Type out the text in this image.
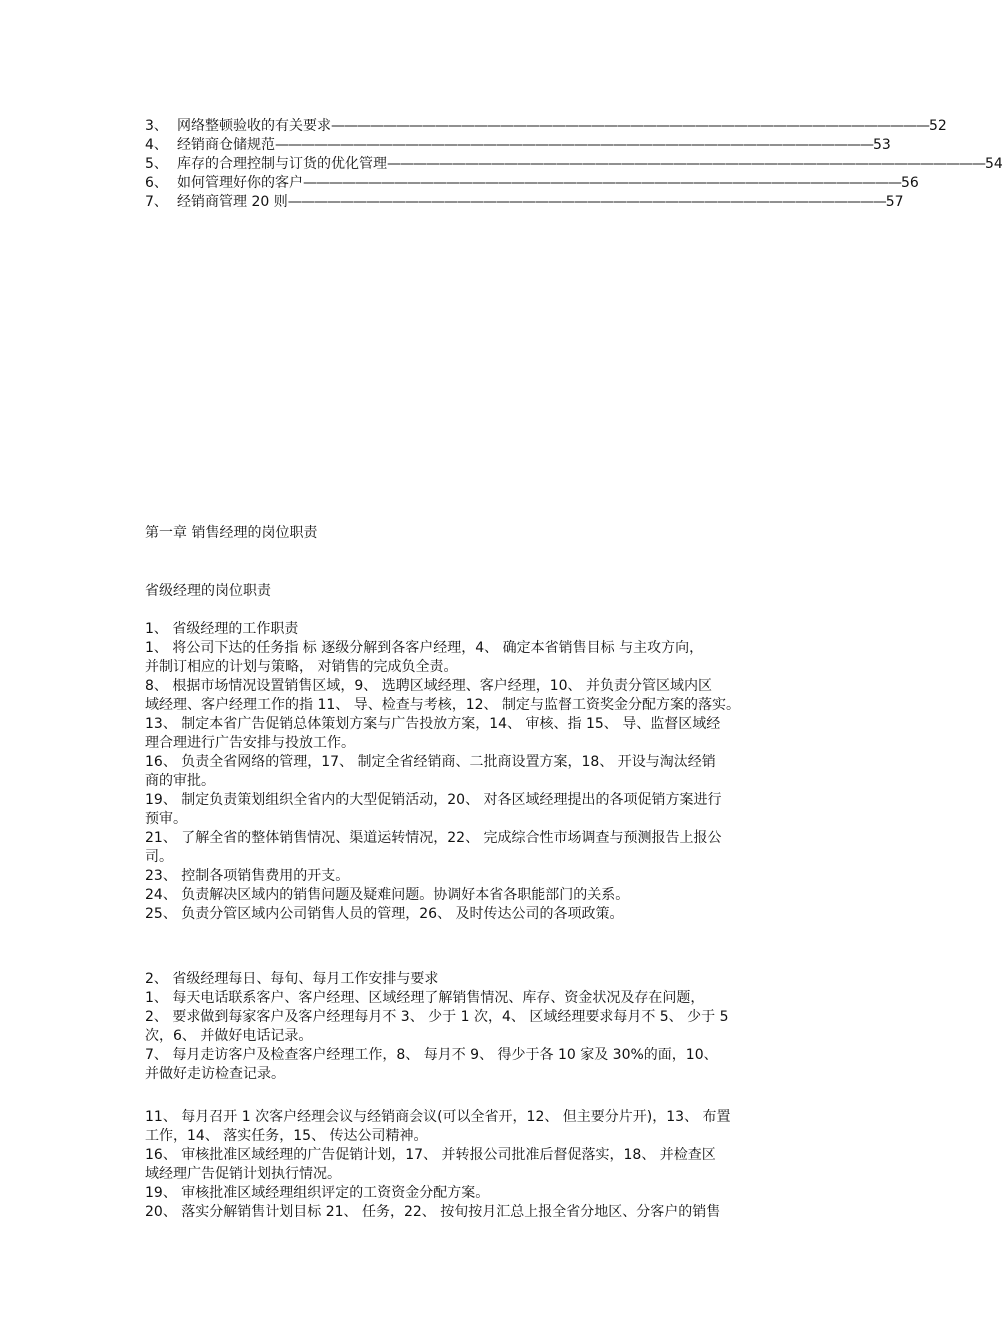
3、 网络整顿验收的有关要求 —————————————————————————————————————————————— 52
4、 经销商仓储规范 —————————————————————————————————————————————— 53
5、 库存的合理控制与订货的优化管理 —————————————————————————————————————————————— 54
6、 如何管理好你的客户 —————————————————————————————————————————————— 56
7、 经销商管理 20 则 —————————————————————————————————————————————— 57
第一章 销售经理的岗位职责
省级经理的岗位职责

1、 省级经理的工作职责

1、 将公司下达的任务指 标 逐级分解到各客户经理，4、 确定本省销售目标 与主攻方向，

并制订相应的计划与策略， 对销售的完成负全责。

8、 根据市场情况设置销售区域，9、 选聘区域经理、客户经理，10、 并负责分管区域内区

域经理、客户经理工作的指 11、 导、检查与考核，12、 制定与监督工资奖金分配方案的落实。

13、 制定本省广告促销总体策划方案与广告投放方案，14、 审核、指 15、 导、监督区域经

理合理进行广告安排与投放工作。

16、 负责全省网络的管理，17、 制定全省经销商、二批商设置方案，18、 开设与淘汰经销

商的审批。

19、 制定负责策划组织全省内的大型促销活动，20、 对各区域经理提出的各项促销方案进行

预审。

21、 了解全省的整体销售情况、渠道运转情况，22、 完成综合性市场调查与预测报告上报公

司。

23、 控制各项销售费用的开支。

24、 负责解决区域内的销售问题及疑难问题。协调好本省各职能部门的关系。

25、 负责分管区域内公司销售人员的管理，26、 及时传达公司的各项政策。

2、 省级经理每日、每旬、每月工作安排与要求

1、 每天电话联系客户、客户经理、区域经理了解销售情况、库存、资金状况及存在问题，

2、 要求做到每家客户及客户经理每月不 3、 少于 1 次，4、 区域经理要求每月不 5、 少于 5

次，6、 并做好电话记录。

7、 每月走访客户及检查客户经理工作，8、 每月不 9、 得少于各 10 家及 30%的面，10、

并做好走访检查记录。

11、 每月召开 1 次客户经理会议与经销商会议(可以全省开，12、 但主要分片开)，13、 布置

工作，14、 落实任务，15、 传达公司精神。

16、 审核批准区域经理的广告促销计划，17、 并转报公司批准后督促落实，18、 并检查区

域经理广告促销计划执行情况。

19、 审核批准区域经理组织评定的工资资金分配方案。

20、 落实分解销售计划目标 21、 任务，22、 按旬按月汇总上报全省分地区、分客户的销售
